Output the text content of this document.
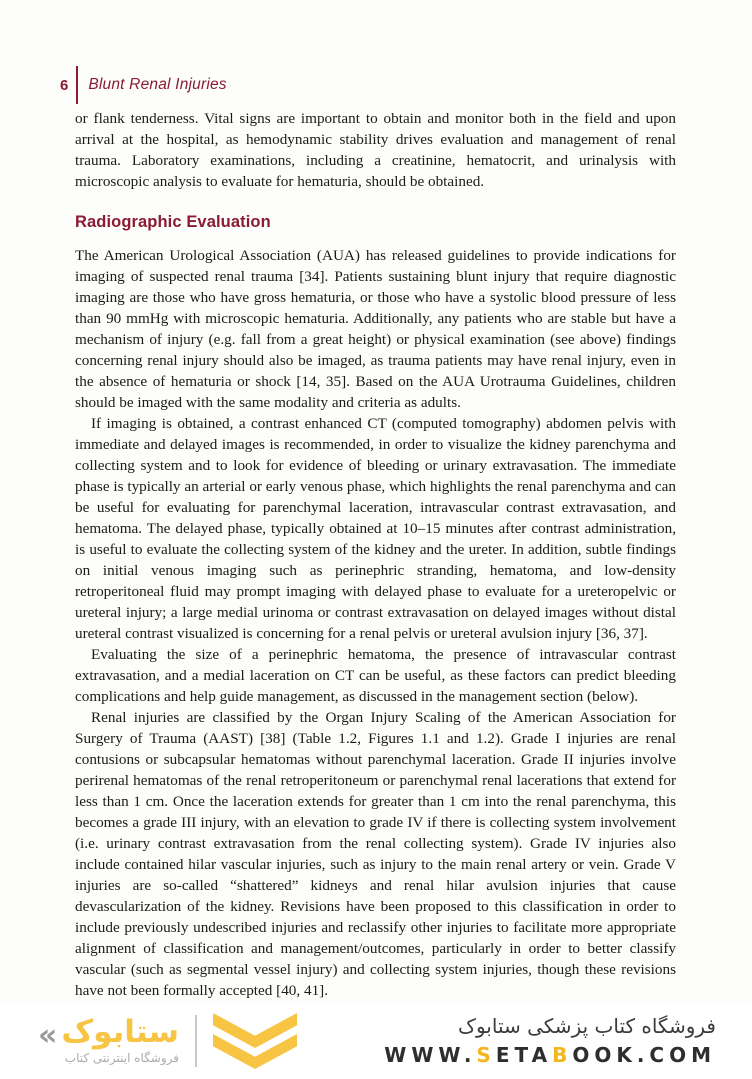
6 Blunt Renal Injuries

or flank tenderness. Vital signs are important to obtain and monitor both in the field and upon arrival at the hospital, as hemodynamic stability drives evaluation and management of renal trauma. Laboratory examinations, including a creatinine, hematocrit, and urinalysis with microscopic analysis to evaluate for hematuria, should be obtained.

Radiographic Evaluation

The American Urological Association (AUA) has released guidelines to provide indications for imaging of suspected renal trauma [34]. Patients sustaining blunt injury that require diagnostic imaging are those who have gross hematuria, or those who have a systolic blood pressure of less than 90 mmHg with microscopic hematuria. Additionally, any patients who are stable but have a mechanism of injury (e.g. fall from a great height) or physical examination (see above) findings concerning renal injury should also be imaged, as trauma patients may have renal injury, even in the absence of hematuria or shock [14, 35]. Based on the AUA Urotrauma Guidelines, children should be imaged with the same modality and criteria as adults.

If imaging is obtained, a contrast enhanced CT (computed tomography) abdomen pelvis with immediate and delayed images is recommended, in order to visualize the kidney parenchyma and collecting system and to look for evidence of bleeding or urinary extravasation. The immediate phase is typically an arterial or early venous phase, which highlights the renal parenchyma and can be useful for evaluating for parenchymal laceration, intravascular contrast extravasation, and hematoma. The delayed phase, typically obtained at 10–15 minutes after contrast administration, is useful to evaluate the collecting system of the kidney and the ureter. In addition, subtle findings on initial venous imaging such as perinephric stranding, hematoma, and low-density retroperitoneal fluid may prompt imaging with delayed phase to evaluate for a ureteropelvic or ureteral injury; a large medial urinoma or contrast extravasation on delayed images without distal ureteral contrast visualized is concerning for a renal pelvis or ureteral avulsion injury [36, 37].

Evaluating the size of a perinephric hematoma, the presence of intravascular contrast extravasation, and a medial laceration on CT can be useful, as these factors can predict bleeding complications and help guide management, as discussed in the management section (below).

Renal injuries are classified by the Organ Injury Scaling of the American Association for Surgery of Trauma (AAST) [38] (Table 1.2, Figures 1.1 and 1.2). Grade I injuries are renal contusions or subcapsular hematomas without parenchymal laceration. Grade II injuries involve perirenal hematomas of the renal retroperitoneum or parenchymal renal lacerations that extend for less than 1 cm. Once the laceration extends for greater than 1 cm into the renal parenchyma, this becomes a grade III injury, with an elevation to grade IV if there is collecting system involvement (i.e. urinary contrast extravasation from the renal collecting system). Grade IV injuries also include contained hilar vascular injuries, such as injury to the main renal artery or vein. Grade V injuries are so-called “shattered” kidneys and renal hilar avulsion injuries that cause devascularization of the kidney. Revisions have been proposed to this classification in order to include previously undescribed injuries and reclassify other injuries to facilitate more appropriate alignment of classification and management/outcomes, particularly in order to better classify vascular (such as segmental vessel injury) and collecting system injuries, though these revisions have not been formally accepted [40, 41].

« ستابوک
فروشگاه اینترنتی کتاب
فروشگاه کتاب پزشکی ستابوک
WWW.SETABOOK.COM
